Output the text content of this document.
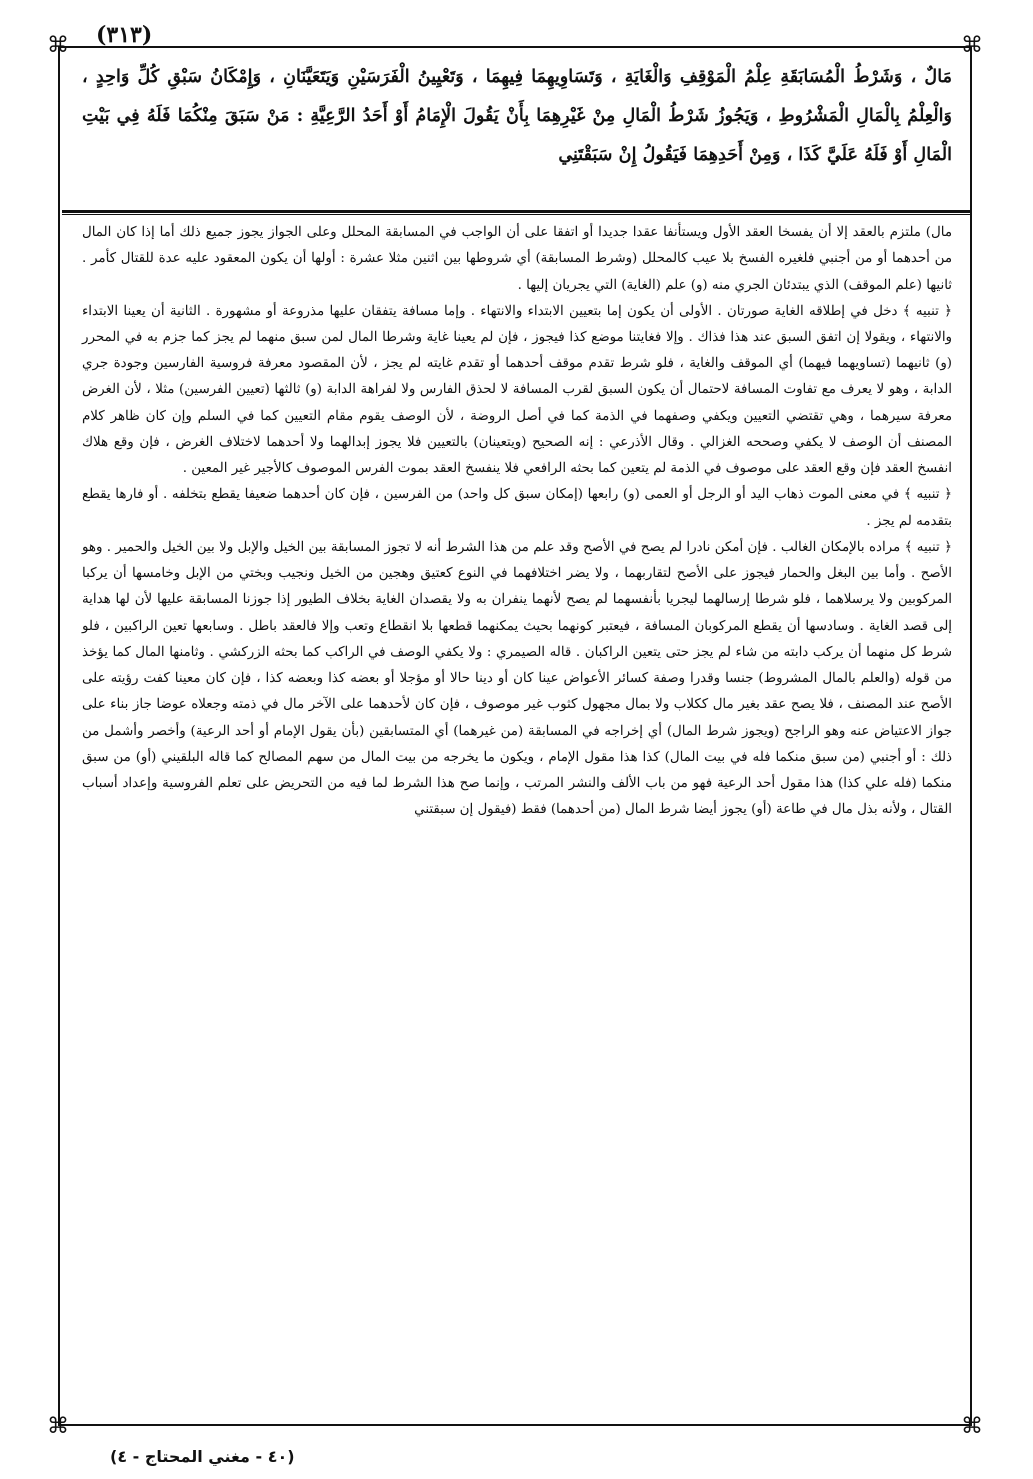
(٣١٣)
⌘	⌘
⌘	⌘
مَالٌ ، وَشَرْطُ الْمُسَابَقَةِ عِلْمُ الْمَوْقِفِ وَالْغَايَةِ ، وَتَسَاوِيهِمَا فِيهِمَا ، وَتَعْيِينُ الْفَرَسَيْنِ وَيَتَعَيَّنَانِ ، وَإِمْكَانُ سَبْقِ كُلِّ وَاحِدٍ ، وَالْعِلْمُ بِالْمَالِ الْمَشْرُوطِ ، وَيَجُوزُ شَرْطُ الْمَالِ مِنْ غَيْرِهِمَا بِأَنْ يَقُولَ الْإِمَامُ أَوْ أَحَدُ الرَّعِيَّةِ : مَنْ سَبَقَ مِنْكُمَا فَلَهُ فِي بَيْتِ الْمَالِ أَوْ فَلَهُ عَلَيَّ كَذَا ، وَمِنْ أَحَدِهِمَا فَيَقُولُ إِنْ سَبَقْتَنِي

مال) ملتزم بالعقد إلا أن يفسخا العقد الأول ويستأنفا عقدا جديدا أو اتفقا على أن الواجب في المسابقة المحلل وعلى الجواز يجوز جميع ذلك أما إذا كان المال من أحدهما أو من أجنبي فلغيره الفسخ بلا عيب كالمحلل (وشرط المسابقة) أي شروطها بين اثنين مثلا عشرة : أولها أن يكون المعقود عليه عدة للقتال كأمر . ثانيها (علم الموقف) الذي يبتدئان الجري منه (و) علم (الغاية) التي يجريان إليها .

﴿ تنبيه ﴾ دخل في إطلاقه الغاية صورتان . الأولى أن يكون إما بتعيين الابتداء والانتهاء . وإما مسافة يتفقان عليها مذروعة أو مشهورة . الثانية أن يعينا الابتداء والانتهاء ، ويقولا إن اتفق السبق عند هذا فذاك . وإلا فغايتنا موضع كذا فيجوز ، فإن لم يعينا غاية وشرطا المال لمن سبق منهما لم يجز كما جزم به في المحرر (و) ثانيهما (تساويهما فيهما) أي الموقف والغاية ، فلو شرط تقدم موقف أحدهما أو تقدم غايته لم يجز ، لأن المقصود معرفة فروسية الفارسين وجودة جري الدابة ، وهو لا يعرف مع تفاوت المسافة لاحتمال أن يكون السبق لقرب المسافة لا لحذق الفارس ولا لفراهة الدابة (و) ثالثها (تعيين الفرسين) مثلا ، لأن الغرض معرفة سيرهما ، وهي تقتضي التعيين ويكفي وصفهما في الذمة كما في أصل الروضة ، لأن الوصف يقوم مقام التعيين كما في السلم وإن كان ظاهر كلام المصنف أن الوصف لا يكفي وصححه الغزالي . وقال الأذرعي : إنه الصحيح (ويتعينان) بالتعيين فلا يجوز إبدالهما ولا أحدهما لاختلاف الغرض ، فإن وقع هلاك انفسخ العقد فإن وقع العقد على موصوف في الذمة لم يتعين كما بحثه الرافعي فلا ينفسخ العقد بموت الفرس الموصوف كالأجير غير المعين .

﴿ تنبيه ﴾ في معنى الموت ذهاب اليد أو الرجل أو العمى (و) رابعها (إمكان سبق كل واحد) من الفرسين ، فإن كان أحدهما ضعيفا يقطع بتخلفه . أو فارها يقطع بتقدمه لم يجز .

﴿ تنبيه ﴾ مراده بالإمكان الغالب . فإن أمكن نادرا لم يصح في الأصح وقد علم من هذا الشرط أنه لا تجوز المسابقة بين الخيل والإبل ولا بين الخيل والحمير . وهو الأصح . وأما بين البغل والحمار فيجوز على الأصح لتقاربهما ، ولا يضر اختلافهما في النوع كعتيق وهجين من الخيل ونجيب وبختي من الإبل وخامسها أن يركبا المركوبين ولا يرسلاهما ، فلو شرطا إرسالهما ليجريا بأنفسهما لم يصح لأنهما ينفران به ولا يقصدان الغاية بخلاف الطيور إذا جوزنا المسابقة عليها لأن لها هداية إلى قصد الغاية . وسادسها أن يقطع المركوبان المسافة ، فيعتبر كونهما بحيث يمكنهما قطعها بلا انقطاع وتعب وإلا فالعقد باطل . وسابعها تعين الراكبين ، فلو شرط كل منهما أن يركب دابته من شاء لم يجز حتى يتعين الراكبان . قاله الصيمري : ولا يكفي الوصف في الراكب كما بحثه الزركشي . وثامنها المال كما يؤخذ من قوله (والعلم بالمال المشروط) جنسا وقدرا وصفة كسائر الأعواض عينا كان أو دينا حالا أو مؤجلا أو بعضه كذا وبعضه كذا ، فإن كان معينا كفت رؤيته على الأصح عند المصنف ، فلا يصح عقد بغير مال ككلاب ولا بمال مجهول كثوب غير موصوف ، فإن كان لأحدهما على الآخر مال في ذمته وجعلاه عوضا جاز بناء على جواز الاعتياض عنه وهو الراجح (ويجوز شرط المال) أي إخراجه في المسابقة (من غيرهما) أي المتسابقين (بأن يقول الإمام أو أحد الرعية) وأخصر وأشمل من ذلك : أو أجنبي (من سبق منكما فله في بيت المال) كذا هذا مقول الإمام ، ويكون ما يخرجه من بيت المال من سهم المصالح كما قاله البلقيني (أو) من سبق منكما (فله علي كذا) هذا مقول أحد الرعية فهو من باب الألف والنشر المرتب ، وإنما صح هذا الشرط لما فيه من التحريض على تعلم الفروسية وإعداد أسباب القتال ، ولأنه بذل مال في طاعة (أو) يجوز أيضا شرط المال (من أحدهما) فقط (فيقول إن سبقتني

(٤٠ - مغني المحتاج - ٤)
